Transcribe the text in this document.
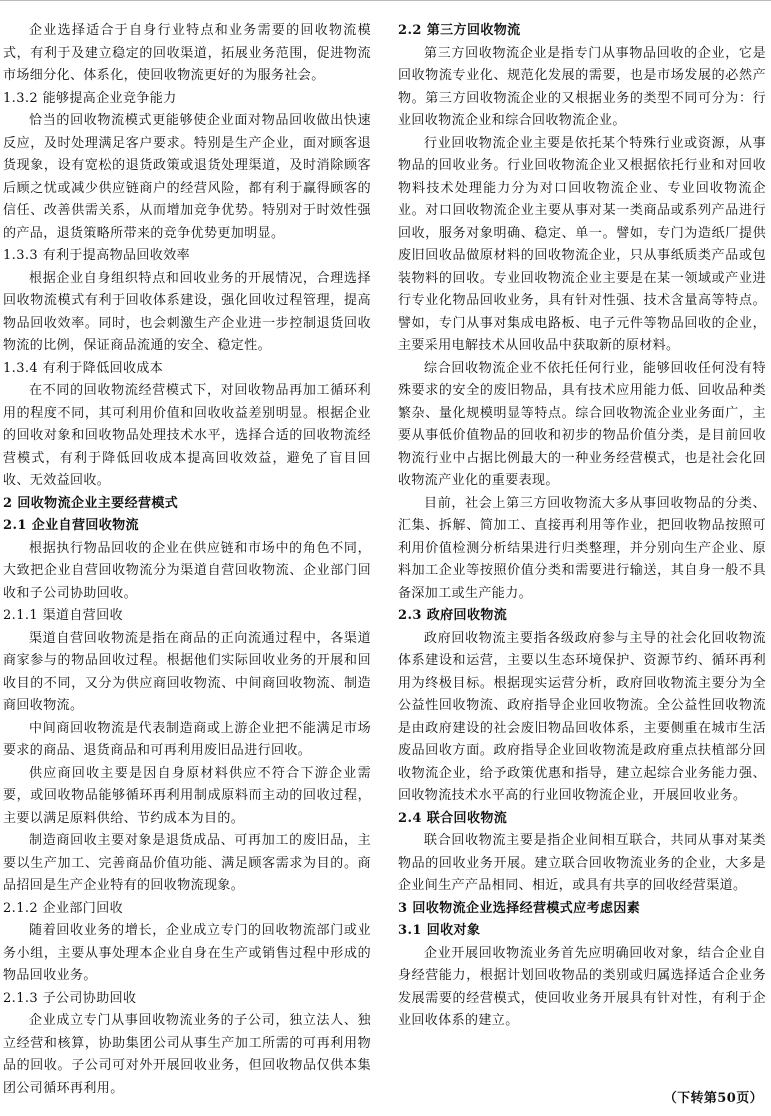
企业选择适合于自身行业特点和业务需要的回收物流模式，有利于及建立稳定的回收渠道，拓展业务范围，促进物流市场细分化、体系化，使回收物流更好的为服务社会。

1.3.2 能够提高企业竞争能力

恰当的回收物流模式更能够使企业面对物品回收做出快速反应，及时处理满足客户要求。特别是生产企业，面对顾客退货现象，设有宽松的退货政策或退货处理渠道，及时消除顾客后顾之忧或减少供应链商户的经营风险，都有利于赢得顾客的信任、改善供需关系，从而增加竞争优势。特别对于时效性强的产品，退货策略所带来的竞争优势更加明显。

1.3.3 有利于提高物品回收效率

根据企业自身组织特点和回收业务的开展情况，合理选择回收物流模式有利于回收体系建设，强化回收过程管理，提高物品回收效率。同时，也会刺激生产企业进一步控制退货回收物流的比例，保证商品流通的安全、稳定性。

1.3.4 有利于降低回收成本

在不同的回收物流经营模式下，对回收物品再加工循环利用的程度不同，其可利用价值和回收收益差别明显。根据企业的回收对象和回收物品处理技术水平，选择合适的回收物流经营模式，有利于降低回收成本提高回收效益，避免了盲目回收、无效益回收。

2 回收物流企业主要经营模式

2.1 企业自营回收物流

根据执行物品回收的企业在供应链和市场中的角色不同，大致把企业自营回收物流分为渠道自营回收物流、企业部门回收和子公司协助回收。

2.1.1 渠道自营回收

渠道自营回收物流是指在商品的正向流通过程中，各渠道商家参与的物品回收过程。根据他们实际回收业务的开展和回收目的不同，又分为供应商回收物流、中间商回收物流、制造商回收物流。

中间商回收物流是代表制造商或上游企业把不能满足市场要求的商品、退货商品和可再利用废旧品进行回收。

供应商回收主要是因自身原材料供应不符合下游企业需要，或回收物品能够循环再利用制成原料而主动的回收过程，主要以满足原料供给、节约成本为目的。

制造商回收主要对象是退货成品、可再加工的废旧品，主要以生产加工、完善商品价值功能、满足顾客需求为目的。商品招回是生产企业特有的回收物流现象。

2.1.2 企业部门回收

随着回收业务的增长，企业成立专门的回收物流部门或业务小组，主要从事处理本企业自身在生产或销售过程中形成的物品回收业务。

2.1.3 子公司协助回收

企业成立专门从事回收物流业务的子公司，独立法人、独立经营和核算，协助集团公司从事生产加工所需的可再利用物品的回收。子公司可对外开展回收业务，但回收物品仅供本集团公司循环再利用。

2.2 第三方回收物流

第三方回收物流企业是指专门从事物品回收的企业，它是回收物流专业化、规范化发展的需要，也是市场发展的必然产物。第三方回收物流企业的又根据业务的类型不同可分为：行业回收物流企业和综合回收物流企业。

行业回收物流企业主要是依托某个特殊行业或资源，从事物品的回收业务。行业回收物流企业又根据依托行业和对回收物料技术处理能力分为对口回收物流企业、专业回收物流企业。对口回收物流企业主要从事对某一类商品或系列产品进行回收，服务对象明确、稳定、单一。譬如，专门为造纸厂提供废旧回收品做原材料的回收物流企业，只从事纸质类产品或包装物料的回收。专业回收物流企业主要是在某一领域或产业进行专业化物品回收业务，具有针对性强、技术含量高等特点。譬如，专门从事对集成电路板、电子元件等物品回收的企业，主要采用电解技术从回收品中获取新的原材料。

综合回收物流企业不依托任何行业，能够回收任何没有特殊要求的安全的废旧物品，具有技术应用能力低、回收品种类繁杂、量化规模明显等特点。综合回收物流企业业务面广，主要从事低价值物品的回收和初步的物品价值分类，是目前回收物流行业中占据比例最大的一种业务经营模式，也是社会化回收物流产业化的重要表现。

目前，社会上第三方回收物流大多从事回收物品的分类、汇集、拆解、简加工、直接再利用等作业，把回收物品按照可利用价值检测分析结果进行归类整理，并分别向生产企业、原料加工企业等按照价值分类和需要进行输送，其自身一般不具备深加工或生产能力。

2.3 政府回收物流

政府回收物流主要指各级政府参与主导的社会化回收物流体系建设和运营，主要以生态环境保护、资源节约、循环再利用为终极目标。根据现实运营分析，政府回收物流主要分为全公益性回收物流、政府指导企业回收物流。全公益性回收物流是由政府建设的社会废旧物品回收体系，主要侧重在城市生活废品回收方面。政府指导企业回收物流是政府重点扶植部分回收物流企业，给予政策优惠和指导，建立起综合业务能力强、回收物流技术水平高的行业回收物流企业，开展回收业务。

2.4 联合回收物流

联合回收物流主要是指企业间相互联合，共同从事对某类物品的回收业务开展。建立联合回收物流业务的企业，大多是企业间生产产品相同、相近，或具有共享的回收经营渠道。

3 回收物流企业选择经营模式应考虑因素

3.1 回收对象

企业开展回收物流业务首先应明确回收对象，结合企业自身经营能力，根据计划回收物品的类别或归属选择适合企业务发展需要的经营模式，使回收业务开展具有针对性，有利于企业回收体系的建立。

（下转第50页）
